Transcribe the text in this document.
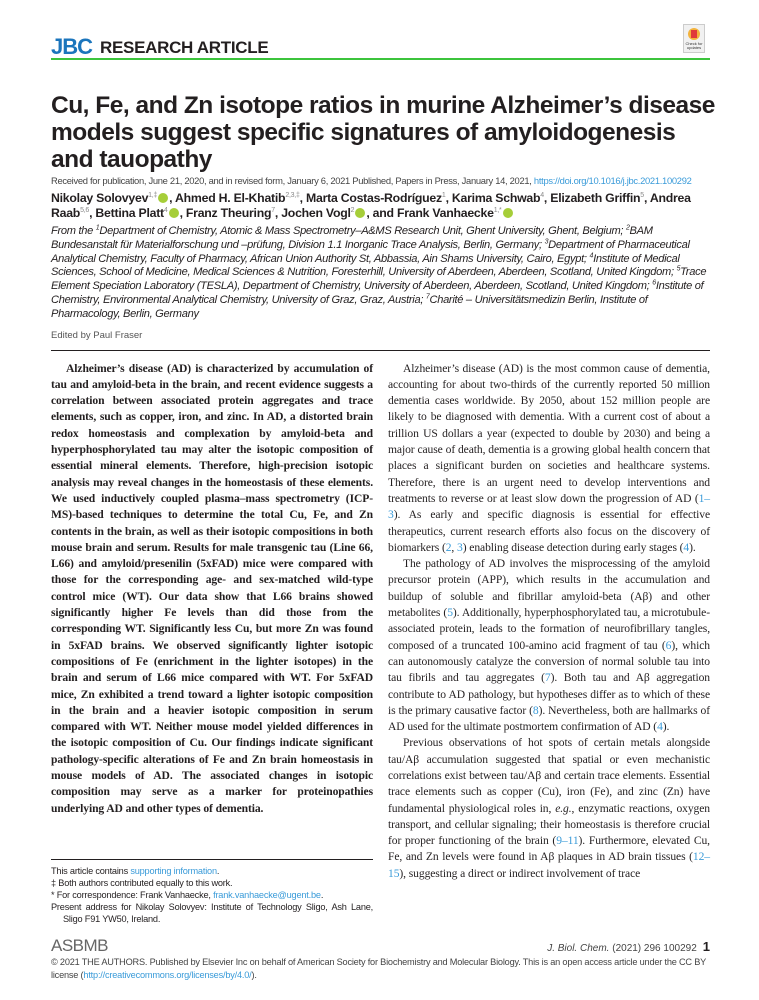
JBC RESEARCH ARTICLE	Check for updates
Cu, Fe, and Zn isotope ratios in murine Alzheimer’s disease models suggest specific signatures of amyloidogenesis and tauopathy
Received for publication, June 21, 2020, and in revised form, January 6, 2021 Published, Papers in Press, January 14, 2021, https://doi.org/10.1016/j.jbc.2021.100292
Nikolay Solovyev$^{1,\ddagger}$ , Ahmed H. El-Khatib$^{2,3,\ddagger}$, Marta Costas-Rodríguez$^1$, Karima Schwab$^4$, Elizabeth Griffin$^5$, Andrea Raab$^{5,6}$, Bettina Platt$^4$ , Franz Theuring$^7$, Jochen Vogl$^2$ , and Frank Vanhaecke$^{1,*}$
From the $^1$Department of Chemistry, Atomic & Mass Spectrometry–A&MS Research Unit, Ghent University, Ghent, Belgium; $^2$BAM Bundesanstalt für Materialforschung und –prüfung, Division 1.1 Inorganic Trace Analysis, Berlin, Germany; $^3$Department of Pharmaceutical Analytical Chemistry, Faculty of Pharmacy, African Union Authority St, Abbassia, Ain Shams University, Cairo, Egypt; $^4$Institute of Medical Sciences, School of Medicine, Medical Sciences & Nutrition, Foresterhill, University of Aberdeen, Aberdeen, Scotland, United Kingdom; $^5$Trace Element Speciation Laboratory (TESLA), Department of Chemistry, University of Aberdeen, Aberdeen, Scotland, United Kingdom; $^6$Institute of Chemistry, Environmental Analytical Chemistry, University of Graz, Graz, Austria; $^7$Charité – Universitätsmedizin Berlin, Institute of Pharmacology, Berlin, Germany
Edited by Paul Fraser

Alzheimer’s disease (AD) is characterized by accumulation of tau and amyloid-beta in the brain, and recent evidence suggests a correlation between associated protein aggregates and trace elements, such as copper, iron, and zinc. In AD, a distorted brain redox homeostasis and complexation by amyloid-beta and hyperphosphorylated tau may alter the isotopic composition of essential mineral elements. Therefore, high-precision isotopic analysis may reveal changes in the homeostasis of these elements. We used inductively coupled plasma–mass spectrometry (ICP-MS)-based techniques to determine the total Cu, Fe, and Zn contents in the brain, as well as their isotopic compositions in both mouse brain and serum. Results for male transgenic tau (Line 66, L66) and amyloid/presenilin (5xFAD) mice were compared with those for the corresponding age- and sex-matched wild-type control mice (WT). Our data show that L66 brains showed significantly higher Fe levels than did those from the corresponding WT. Significantly less Cu, but more Zn was found in 5xFAD brains. We observed significantly lighter isotopic compositions of Fe (enrichment in the lighter isotopes) in the brain and serum of L66 mice compared with WT. For 5xFAD mice, Zn exhibited a trend toward a lighter isotopic composition in the brain and a heavier isotopic composition in serum compared with WT. Neither mouse model yielded differences in the isotopic composition of Cu. Our findings indicate significant pathology-specific alterations of Fe and Zn brain homeostasis in mouse models of AD. The associated changes in isotopic composition may serve as a marker for proteinopathies underlying AD and other types of dementia.

This article contains supporting information.
‡ Both authors contributed equally to this work.
* For correspondence: Frank Vanhaecke, frank.vanhaecke@ugent.be.
Present address for Nikolay Solovyev: Institute of Technology Sligo, Ash Lane, Sligo F91 YW50, Ireland.

Alzheimer’s disease (AD) is the most common cause of dementia, accounting for about two-thirds of the currently reported 50 million dementia cases worldwide. By 2050, about 152 million people are likely to be diagnosed with dementia. With a current cost of about a trillion US dollars a year (expected to double by 2030) and being a major cause of death, dementia is a growing global health concern that places a significant burden on societies and healthcare systems. Therefore, there is an urgent need to develop interventions and treatments to reverse or at least slow down the progression of AD (1–3). As early and specific diagnosis is essential for effective therapeutics, current research efforts also focus on the discovery of biomarkers (2, 3) enabling disease detection during early stages (4).

The pathology of AD involves the misprocessing of the amyloid precursor protein (APP), which results in the accumulation and buildup of soluble and fibrillar amyloid-beta (Aβ) and other metabolites (5). Additionally, hyperphosphorylated tau, a microtubule-associated protein, leads to the formation of neurofibrillary tangles, composed of a truncated 100-amino acid fragment of tau (6), which can autonomously catalyze the conversion of normal soluble tau into tau fibrils and tau aggregates (7). Both tau and Aβ aggregation contribute to AD pathology, but hypotheses differ as to which of these is the primary causative factor (8). Nevertheless, both are hallmarks of AD used for the ultimate postmortem confirmation of AD (4).

Previous observations of hot spots of certain metals alongside tau/Aβ accumulation suggested that spatial or even mechanistic correlations exist between tau/Aβ and certain trace elements. Essential trace elements such as copper (Cu), iron (Fe), and zinc (Zn) have fundamental physiological roles in, e.g., enzymatic reactions, oxygen transport, and cellular signaling; their homeostasis is therefore crucial for proper functioning of the brain (9–11). Furthermore, elevated Cu, Fe, and Zn levels were found in Aβ plaques in AD brain tissues (12–15), suggesting a direct or indirect involvement of trace

ASBMB	J. Biol. Chem. (2021) 296 100292 1
© 2021 THE AUTHORS. Published by Elsevier Inc on behalf of American Society for Biochemistry and Molecular Biology. This is an open access article under the CC BY license (http://creativecommons.org/licenses/by/4.0/).
